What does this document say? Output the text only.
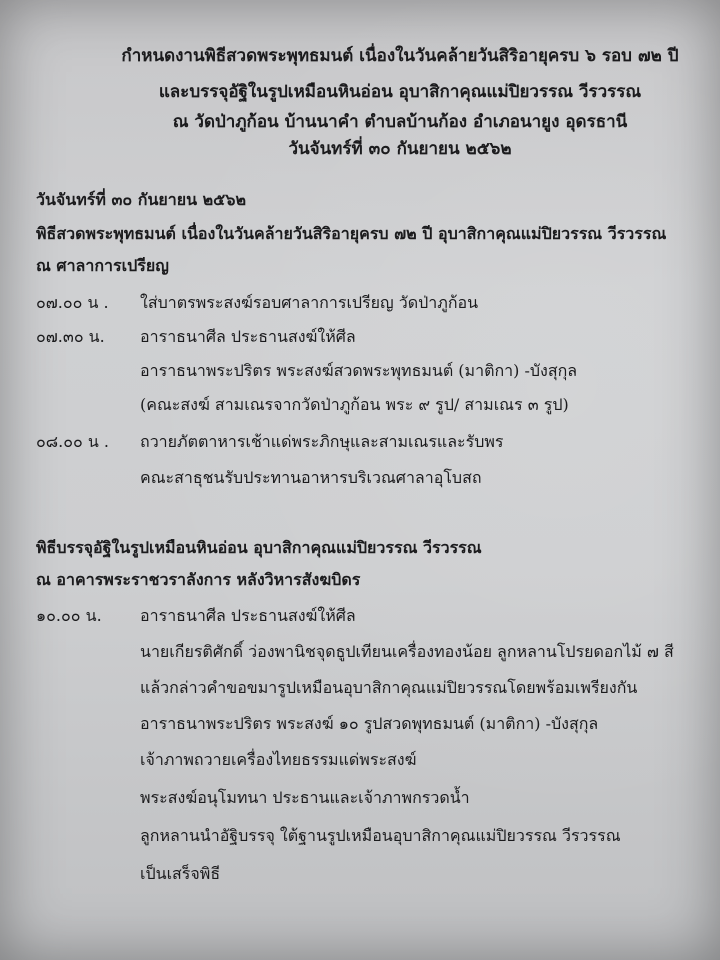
กำหนดงานพิธีสวดพระพุทธมนต์ เนื่องในวันคล้ายวันสิริอายุครบ ๖ รอบ ๗๒ ปี
และบรรจุอัฐิในรูปเหมือนหินอ่อน อุบาสิกาคุณแม่ปิยวรรณ วีรวรรณ
ณ วัดป่าภูก้อน บ้านนาคำ ตำบลบ้านก้อง อำเภอนายูง อุดรธานี
วันจันทร์ที่ ๓๐ กันยายน ๒๕๖๒
วันจันทร์ที่ ๓๐ กันยายน ๒๕๖๒
พิธีสวดพระพุทธมนต์ เนื่องในวันคล้ายวันสิริอายุครบ ๗๒ ปี อุบาสิกาคุณแม่ปิยวรรณ วีรวรรณ
ณ ศาลาการเปรียญ
๐๗.๐๐ น . ใส่บาตรพระสงฆ์รอบศาลาการเปรียญ วัดป่าภูก้อน
๐๗.๓๐ น. อาราธนาศีล ประธานสงฆ์ให้ศีล
อาราธนาพระปริตร พระสงฆ์สวดพระพุทธมนต์ (มาติกา) -บังสุกุล
(คณะสงฆ์ สามเณรจากวัดป่าภูก้อน พระ ๙ รูป/ สามเณร ๓ รูป)
๐๘.๐๐ น . ถวายภัตตาหารเช้าแด่พระภิกษุและสามเณรและรับพร
คณะสาธุชนรับประทานอาหารบริเวณศาลาอุโบสถ
พิธีบรรจุอัฐิในรูปเหมือนหินอ่อน อุบาสิกาคุณแม่ปิยวรรณ วีรวรรณ
ณ อาคารพระราชวราลังการ หลังวิหารสังฆบิดร
๑๐.๐๐ น. อาราธนาศีล ประธานสงฆ์ให้ศีล
นายเกียรติศักดิ์ ว่องพานิชจุดธูปเทียนเครื่องทองน้อย ลูกหลานโปรยดอกไม้ ๗ สี
แล้วกล่าวคำขอขมารูปเหมือนอุบาสิกาคุณแม่ปิยวรรณโดยพร้อมเพรียงกัน
อาราธนาพระปริตร พระสงฆ์ ๑๐ รูปสวดพุทธมนต์ (มาติกา) -บังสุกุล
เจ้าภาพถวายเครื่องไทยธรรมแด่พระสงฆ์
พระสงฆ์อนุโมทนา ประธานและเจ้าภาพกรวดน้ำ
ลูกหลานนำอัฐิบรรจุ ใต้ฐานรูปเหมือนอุบาสิกาคุณแม่ปิยวรรณ วีรวรรณ
เป็นเสร็จพิธี
